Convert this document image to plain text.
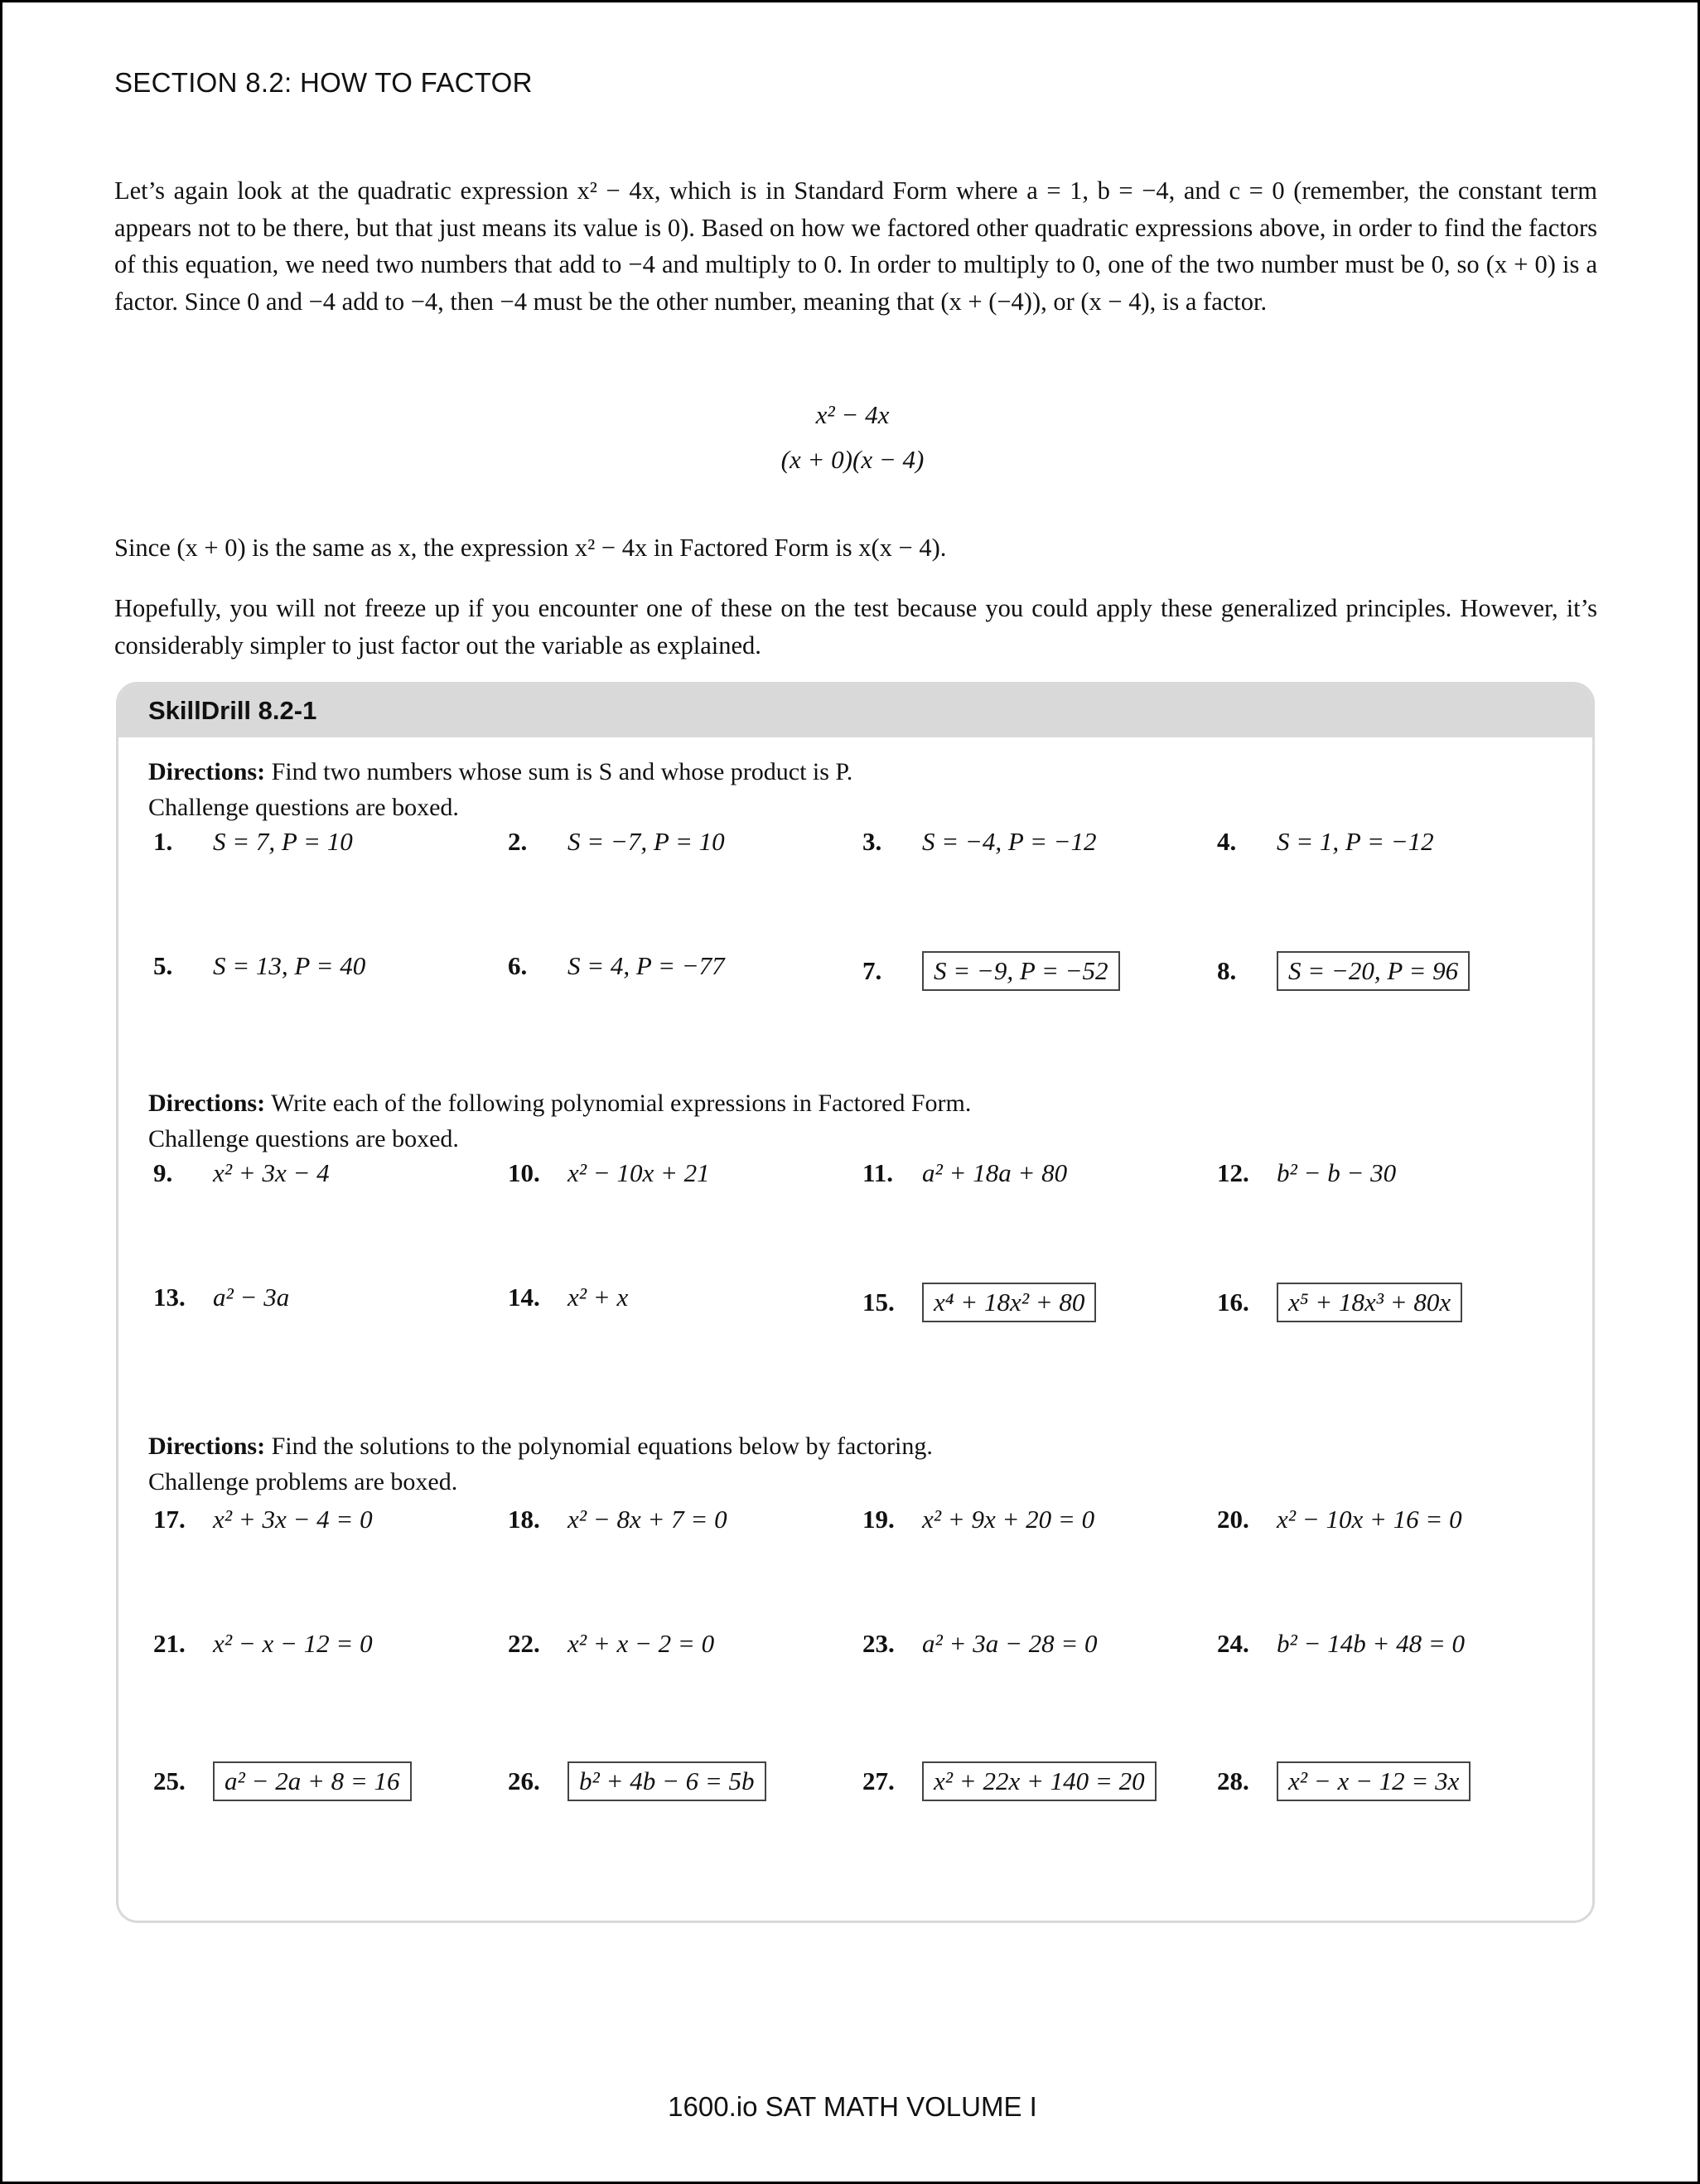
SECTION 8.2: HOW TO FACTOR

Let’s again look at the quadratic expression x² − 4x, which is in Standard Form where a = 1, b = −4, and c = 0 (remember, the constant term appears not to be there, but that just means its value is 0). Based on how we factored other quadratic expressions above, in order to find the factors of this equation, we need two numbers that add to −4 and multiply to 0. In order to multiply to 0, one of the two number must be 0, so (x + 0) is a factor. Since 0 and −4 add to −4, then −4 must be the other number, meaning that (x + (−4)), or (x − 4), is a factor.

x² − 4x
(x + 0)(x − 4)

Since (x + 0) is the same as x, the expression x² − 4x in Factored Form is x(x − 4).

Hopefully, you will not freeze up if you encounter one of these on the test because you could apply these generalized principles. However, it’s considerably simpler to just factor out the variable as explained.

SkillDrill 8.2-1
Directions: Find two numbers whose sum is S and whose product is P.
Challenge questions are boxed.
Directions: Write each of the following polynomial expressions in Factored Form.
Challenge questions are boxed.
Directions: Find the solutions to the polynomial equations below by factoring.
Challenge problems are boxed.
1. S = 7, P = 10	2. S = −7, P = 10	3. S = −4, P = −12	4. S = 1, P = −12
5. S = 13, P = 40	6. S = 4, P = −77	7. S = −9, P = −52	8. S = −20, P = 96
9. x² + 3x − 4	10. x² − 10x + 21	11. a² + 18a + 80	12. b² − b − 30
13. a² − 3a	14. x² + x	15. x⁴ + 18x² + 80	16. x⁵ + 18x³ + 80x
17. x² + 3x − 4 = 0	18. x² − 8x + 7 = 0	19. x² + 9x + 20 = 0	20. x² − 10x + 16 = 0
21. x² − x − 12 = 0	22. x² + x − 2 = 0	23. a² + 3a − 28 = 0	24. b² − 14b + 48 = 0
25. a² − 2a + 8 = 16	26. b² + 4b − 6 = 5b	27. x² + 22x + 140 = 20	28. x² − x − 12 = 3x
1600.io SAT MATH VOLUME I
